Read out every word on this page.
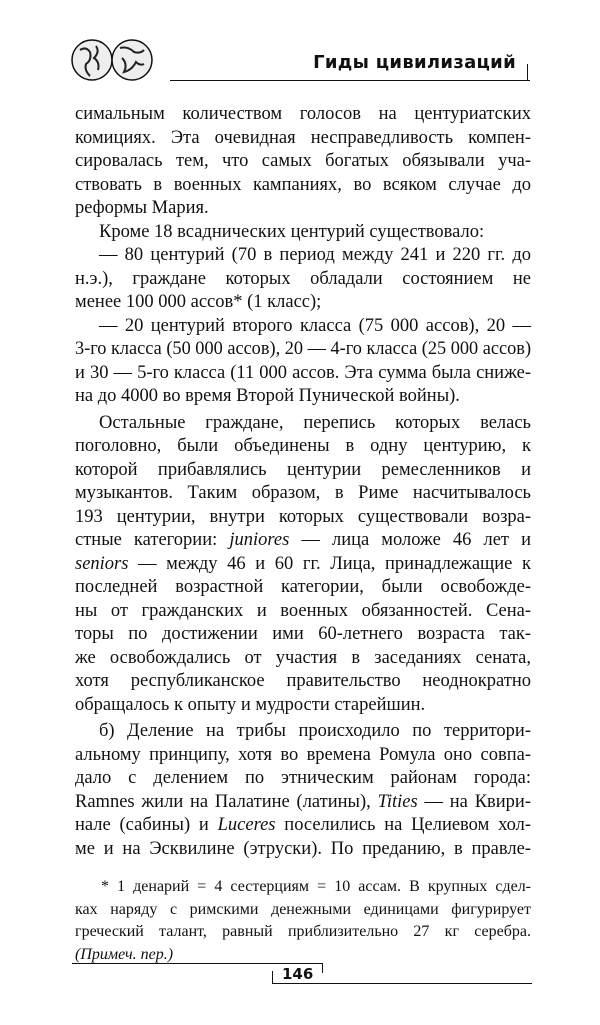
Гиды цивилизаций
симальным количеством голосов на центуриатских
комициях. Эта очевидная несправедливость компен-
сировалась тем, что самых богатых обязывали уча-
ствовать в военных кампаниях, во всяком случае до
реформы Мария.
Кроме 18 всаднических центурий существовало:
— 80 центурий (70 в период между 241 и 220 гг. до
н.э.), граждане которых обладали состоянием не
менее 100 000 ассов* (1 класс);
— 20 центурий второго класса (75 000 ассов), 20 —
3-го класса (50 000 ассов), 20 — 4-го класса (25 000 ассов)
и 30 — 5-го класса (11 000 ассов. Эта сумма была сниже-
на до 4000 во время Второй Пунической войны).
Остальные граждане, перепись которых велась
поголовно, были объединены в одну центурию, к
которой прибавлялись центурии ремесленников и
музыкантов. Таким образом, в Риме насчитывалось
193 центурии, внутри которых существовали возра-
стные категории: juniores — лица моложе 46 лет и
seniors — между 46 и 60 гг. Лица, принадлежащие к
последней возрастной категории, были освобожде-
ны от гражданских и военных обязанностей. Сена-
торы по достижении ими 60-летнего возраста так-
же освобождались от участия в заседаниях сената,
хотя республиканское правительство неоднократно
обращалось к опыту и мудрости старейшин.
б) Деление на трибы происходило по территори-
альному принципу, хотя во времена Ромула оно совпа-
дало с делением по этническим районам города:
Ramnes жили на Палатине (латины), Tities — на Квири-
нале (сабины) и Luceres поселились на Целиевом хол-
ме и на Эсквилине (этруски). По преданию, в правле-
* 1 денарий = 4 сестерциям = 10 ассам. В крупных сдел-
ках наряду с римскими денежными единицами фигурирует
греческий талант, равный приблизительно 27 кг серебра.
(Примеч. пер.)
146
